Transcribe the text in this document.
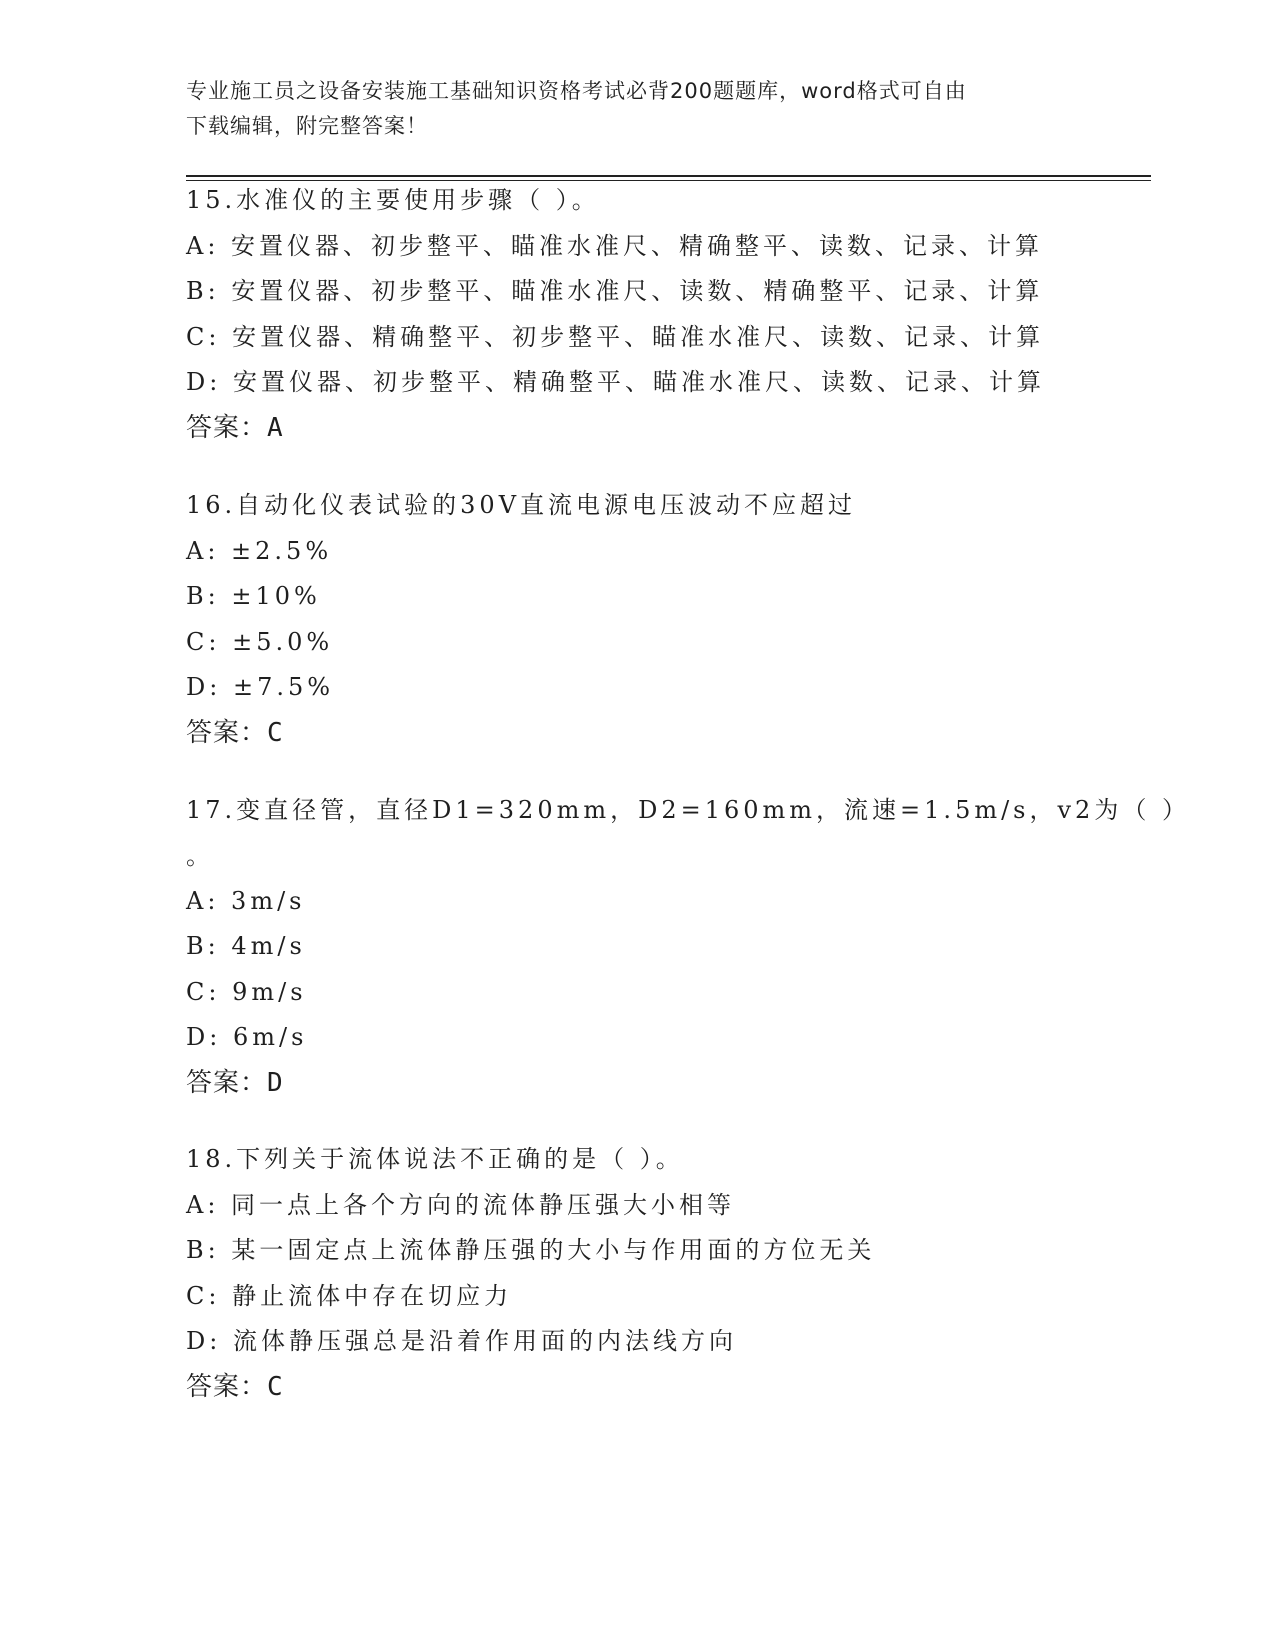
专业施工员之设备安装施工基础知识资格考试必背200题题库，word格式可自由
下载编辑，附完整答案！
15.水准仪的主要使用步骤（ ）。
A: 安置仪器、初步整平、瞄准水准尺、精确整平、读数、记录、计算
B: 安置仪器、初步整平、瞄准水准尺、读数、精确整平、记录、计算
C: 安置仪器、精确整平、初步整平、瞄准水准尺、读数、记录、计算
D: 安置仪器、初步整平、精确整平、瞄准水准尺、读数、记录、计算
答案：A
16.自动化仪表试验的30V直流电源电压波动不应超过
A: ±2.5%
B: ±10%
C: ±5.0%
D: ±7.5%
答案：C
17.变直径管，直径D1=320mm，D2=160mm，流速=1.5m/s，v2为（ ）
。
A: 3m/s
B: 4m/s
C: 9m/s
D: 6m/s
答案：D
18.下列关于流体说法不正确的是（ ）。
A: 同一点上各个方向的流体静压强大小相等
B: 某一固定点上流体静压强的大小与作用面的方位无关
C: 静止流体中存在切应力
D: 流体静压强总是沿着作用面的内法线方向
答案：C
